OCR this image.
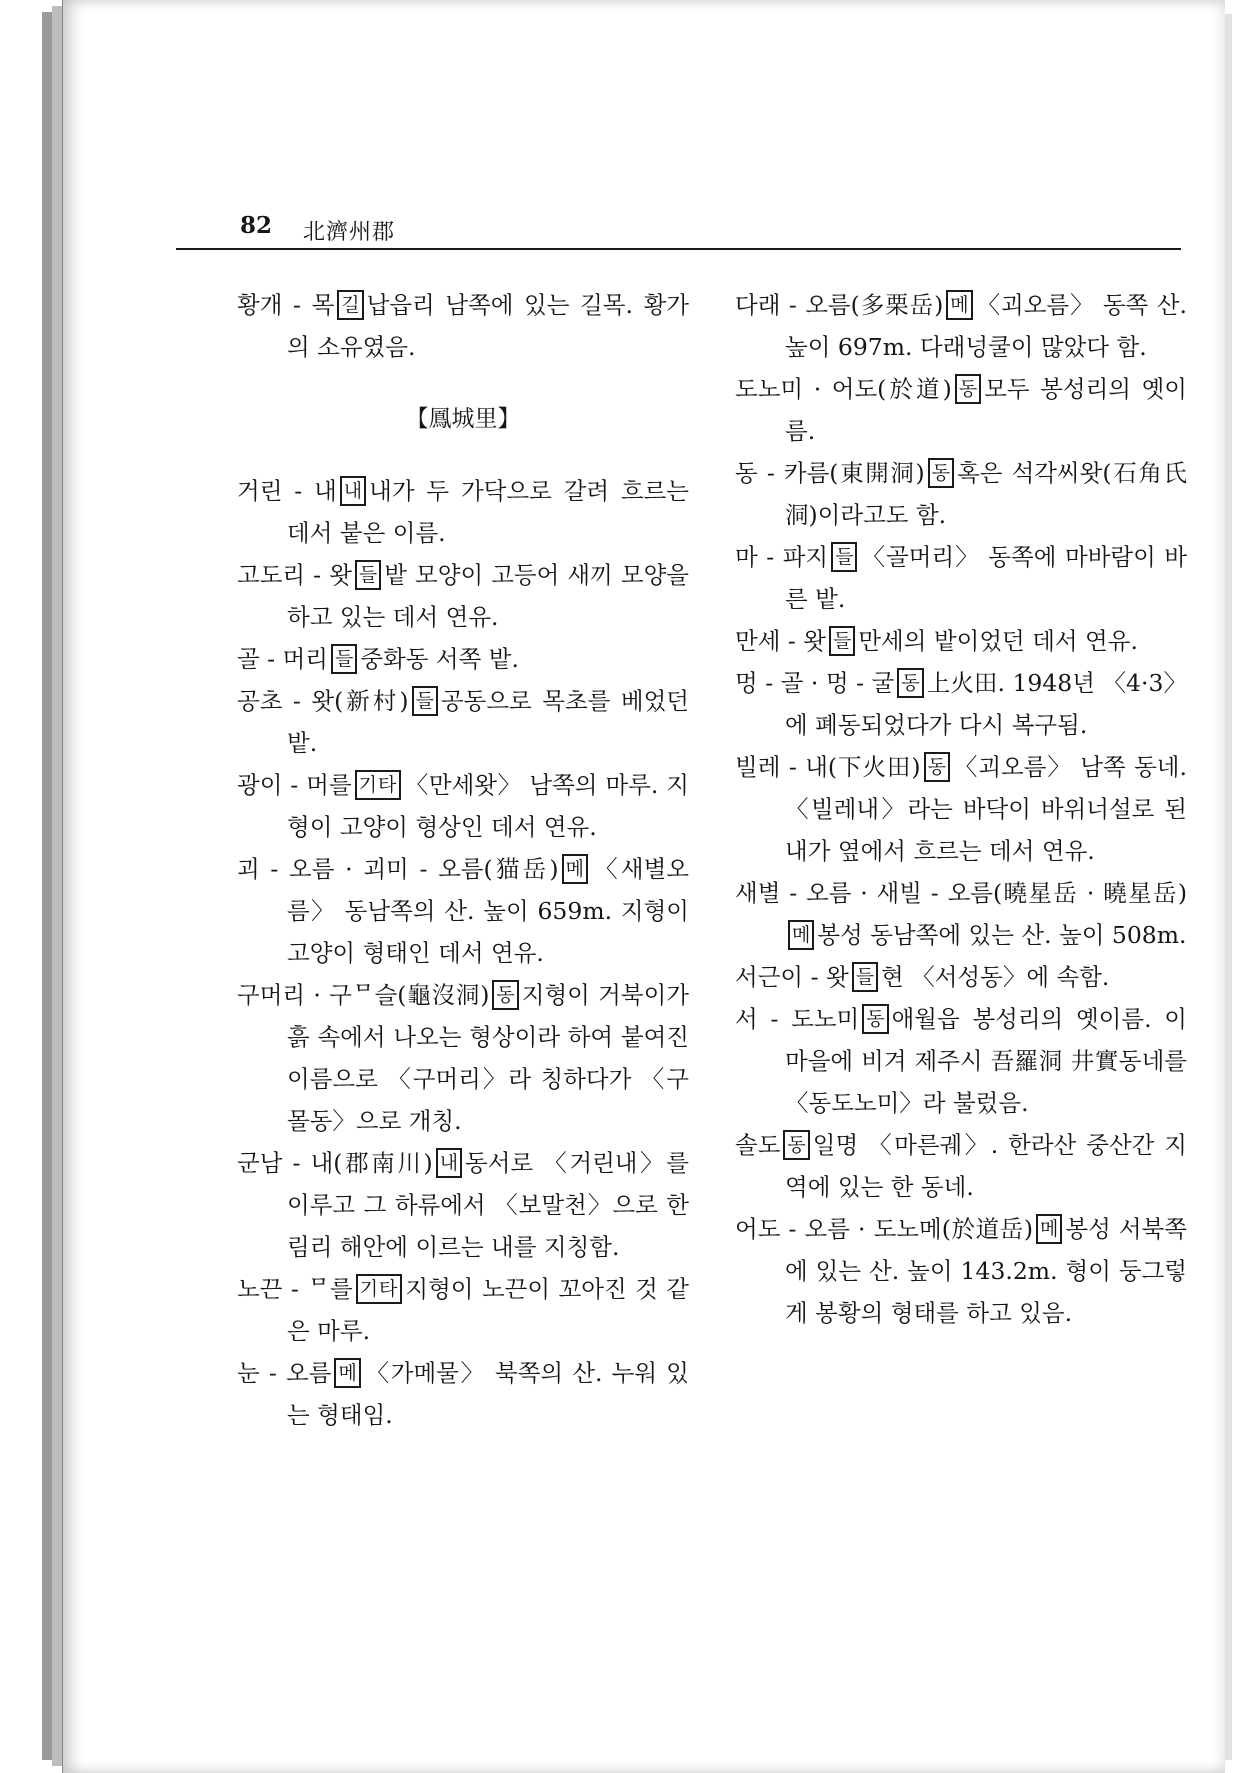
82 北濟州郡

황개 - 목 길 납읍리 남쪽에 있는 길목. 황가의 소유였음.

【鳳城里】

거린 - 내 내 내가 두 가닥으로 갈려 흐르는 데서 붙은 이름.

고도리 - 왓 들 밭 모양이 고등어 새끼 모양을 하고 있는 데서 연유.

골 - 머리 들 중화동 서쪽 밭.

공초 - 왓(新村) 들 공동으로 목초를 베었던 밭.

광이 - 머를 기타 〈만세왓〉 남쪽의 마루. 지형이 고양이 형상인 데서 연유.

괴 - 오름 · 괴미 - 오름(猫岳) 메 〈새별오름〉 동남쪽의 산. 높이 659m. 지형이 고양이 형태인 데서 연유.

구머리 · 구ᄆ슬(龜沒洞) 동 지형이 거북이가 흙 속에서 나오는 형상이라 하여 붙여진 이름으로 〈구머리〉라 칭하다가 〈구몰동〉으로 개칭.

군남 - 내(郡南川) 내 동서로 〈거린내〉를 이루고 그 하류에서 〈보말천〉으로 한림리 해안에 이르는 내를 지칭함.

노끈 - ᄆ를 기타 지형이 노끈이 꼬아진 것 같은 마루.

눈 - 오름 메 〈가메물〉 북쪽의 산. 누워 있는 형태임.

다래 - 오름(多栗岳) 메 〈괴오름〉 동쪽 산. 높이 697m. 다래넝쿨이 많았다 함.

도노미 · 어도(於道) 동 모두 봉성리의 옛이름.

동 - 카름(東開洞) 동 혹은 석각씨왓(石角氏洞)이라고도 함.

마 - 파지 들 〈골머리〉 동쪽에 마바람이 바른 밭.

만세 - 왓 들 만세의 밭이었던 데서 연유.

멍 - 골 · 멍 - 굴 동 上火田. 1948년 〈4·3〉에 폐동되었다가 다시 복구됨.

빌레 - 내(下火田) 동 〈괴오름〉 남쪽 동네. 〈빌레내〉라는 바닥이 바위너설로 된 내가 옆에서 흐르는 데서 연유.

새별 - 오름 · 새빌 - 오름(曉星岳 · 曉星岳)메 봉성 동남쪽에 있는 산. 높이 508m.

서근이 - 왓 들 현 〈서성동〉에 속함.

서 - 도노미 동 애월읍 봉성리의 옛이름. 이 마을에 비겨 제주시 吾羅洞 井實동네를 〈동도노미〉라 불렀음.

솔도 동 일명 〈마른궤〉. 한라산 중산간 지역에 있는 한 동네.

어도 - 오름 · 도노메(於道岳) 메 봉성 서북쪽에 있는 산. 높이 143.2m. 형이 둥그렇게 봉황의 형태를 하고 있음.
